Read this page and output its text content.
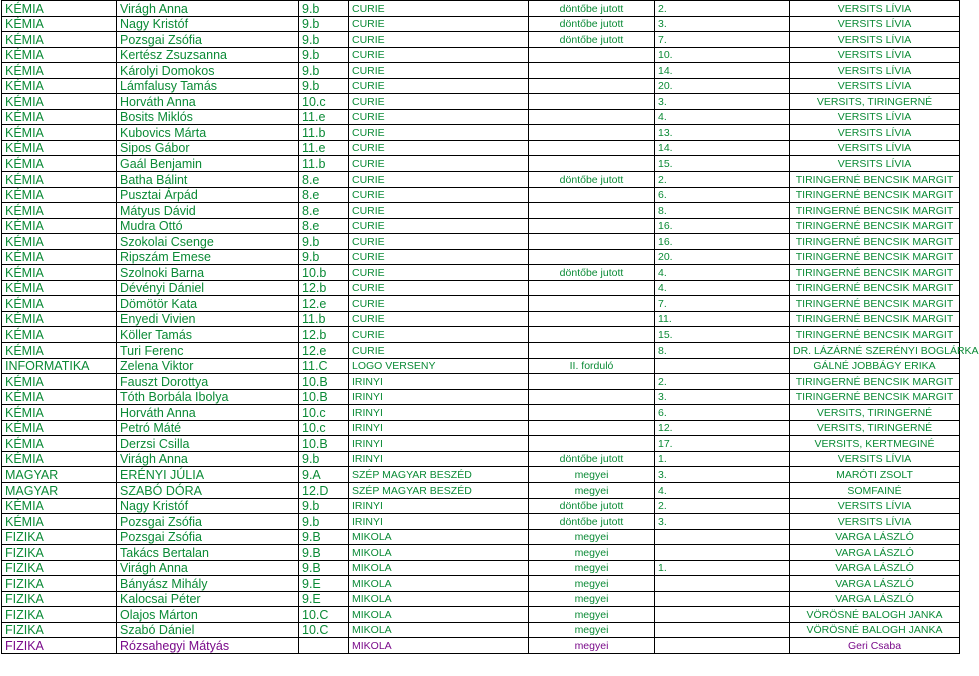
KÉMIA	Virágh Anna	9.b	CURIE	döntőbe jutott	2.	VERSITS LÍVIA
KÉMIA	Nagy Kristóf	9.b	CURIE	döntőbe jutott	3.	VERSITS LÍVIA
KÉMIA	Pozsgai Zsófia	9.b	CURIE	döntőbe jutott	7.	VERSITS LÍVIA
KÉMIA	Kertész Zsuzsanna	9.b	CURIE		10.	VERSITS LÍVIA
KÉMIA	Károlyi Domokos	9.b	CURIE		14.	VERSITS LÍVIA
KÉMIA	Lámfalusy Tamás	9.b	CURIE		20.	VERSITS LÍVIA
KÉMIA	Horváth Anna	10.c	CURIE		3.	VERSITS, TIRINGERNÉ
KÉMIA	Bosits Miklós	11.e	CURIE		4.	VERSITS LÍVIA
KÉMIA	Kubovics Márta	11.b	CURIE		13.	VERSITS LÍVIA
KÉMIA	Sipos Gábor	11.e	CURIE		14.	VERSITS LÍVIA
KÉMIA	Gaál Benjamin	11.b	CURIE		15.	VERSITS LÍVIA
KÉMIA	Batha Bálint	8.e	CURIE	döntőbe jutott	2.	TIRINGERNÉ BENCSIK MARGIT
KÉMIA	Pusztai Árpád	8.e	CURIE		6.	TIRINGERNÉ BENCSIK MARGIT
KÉMIA	Mátyus Dávid	8.e	CURIE		8.	TIRINGERNÉ BENCSIK MARGIT
KÉMIA	Mudra Ottó	8.e	CURIE		16.	TIRINGERNÉ BENCSIK MARGIT
KÉMIA	Szokolai Csenge	9.b	CURIE		16.	TIRINGERNÉ BENCSIK MARGIT
KÉMIA	Ripszám Emese	9.b	CURIE		20.	TIRINGERNÉ BENCSIK MARGIT
KÉMIA	Szolnoki Barna	10.b	CURIE	döntőbe jutott	4.	TIRINGERNÉ BENCSIK MARGIT
KÉMIA	Dévényi Dániel	12.b	CURIE		4.	TIRINGERNÉ BENCSIK MARGIT
KÉMIA	Dömötör Kata	12.e	CURIE		7.	TIRINGERNÉ BENCSIK MARGIT
KÉMIA	Enyedi Vivien	11.b	CURIE		11.	TIRINGERNÉ BENCSIK MARGIT
KÉMIA	Köller Tamás	12.b	CURIE		15.	TIRINGERNÉ BENCSIK MARGIT
KÉMIA	Turi Ferenc	12.e	CURIE		8.	DR. LÁZÁRNÉ SZERÉNYI BOGLÁRKA
INFORMATIKA	Zelena Viktor	11.C	LOGO VERSENY	II. forduló		GÁLNÉ JOBBÁGY ERIKA
KÉMIA	Fauszt Dorottya	10.B	IRINYI		2.	TIRINGERNÉ BENCSIK MARGIT
KÉMIA	Tóth Borbála Ibolya	10.B	IRINYI		3.	TIRINGERNÉ BENCSIK MARGIT
KÉMIA	Horváth Anna	10.c	IRINYI		6.	VERSITS, TIRINGERNÉ
KÉMIA	Petró Máté	10.c	IRINYI		12.	VERSITS, TIRINGERNÉ
KÉMIA	Derzsi Csilla	10.B	IRINYI		17.	VERSITS, KERTMEGINÉ
KÉMIA	Virágh Anna	9.b	IRINYI	döntőbe jutott	1.	VERSITS LÍVIA
MAGYAR	ERÉNYI JÚLIA	9.A	SZÉP MAGYAR BESZÉD	megyei	3.	MARÓTI ZSOLT
MAGYAR	SZABÓ DÓRA	12.D	SZÉP MAGYAR BESZÉD	megyei	4.	SOMFAINÉ
KÉMIA	Nagy Kristóf	9.b	IRINYI	döntőbe jutott	2.	VERSITS LÍVIA
KÉMIA	Pozsgai Zsófia	9.b	IRINYI	döntőbe jutott	3.	VERSITS LÍVIA
FIZIKA	Pozsgai Zsófia	9.B	MIKOLA	megyei		VARGA LÁSZLÓ
FIZIKA	Takács Bertalan	9.B	MIKOLA	megyei		VARGA LÁSZLÓ
FIZIKA	Virágh Anna	9.B	MIKOLA	megyei	1.	VARGA LÁSZLÓ
FIZIKA	Bányász Mihály	9.E	MIKOLA	megyei		VARGA LÁSZLÓ
FIZIKA	Kalocsai Péter	9.E	MIKOLA	megyei		VARGA LÁSZLÓ
FIZIKA	Olajos Márton	10.C	MIKOLA	megyei		VÖRÖSNÉ BALOGH JANKA
FIZIKA	Szabó Dániel	10.C	MIKOLA	megyei		VÖRÖSNÉ BALOGH JANKA
FIZIKA	Rózsahegyi Mátyás		MIKOLA	megyei		Geri Csaba
